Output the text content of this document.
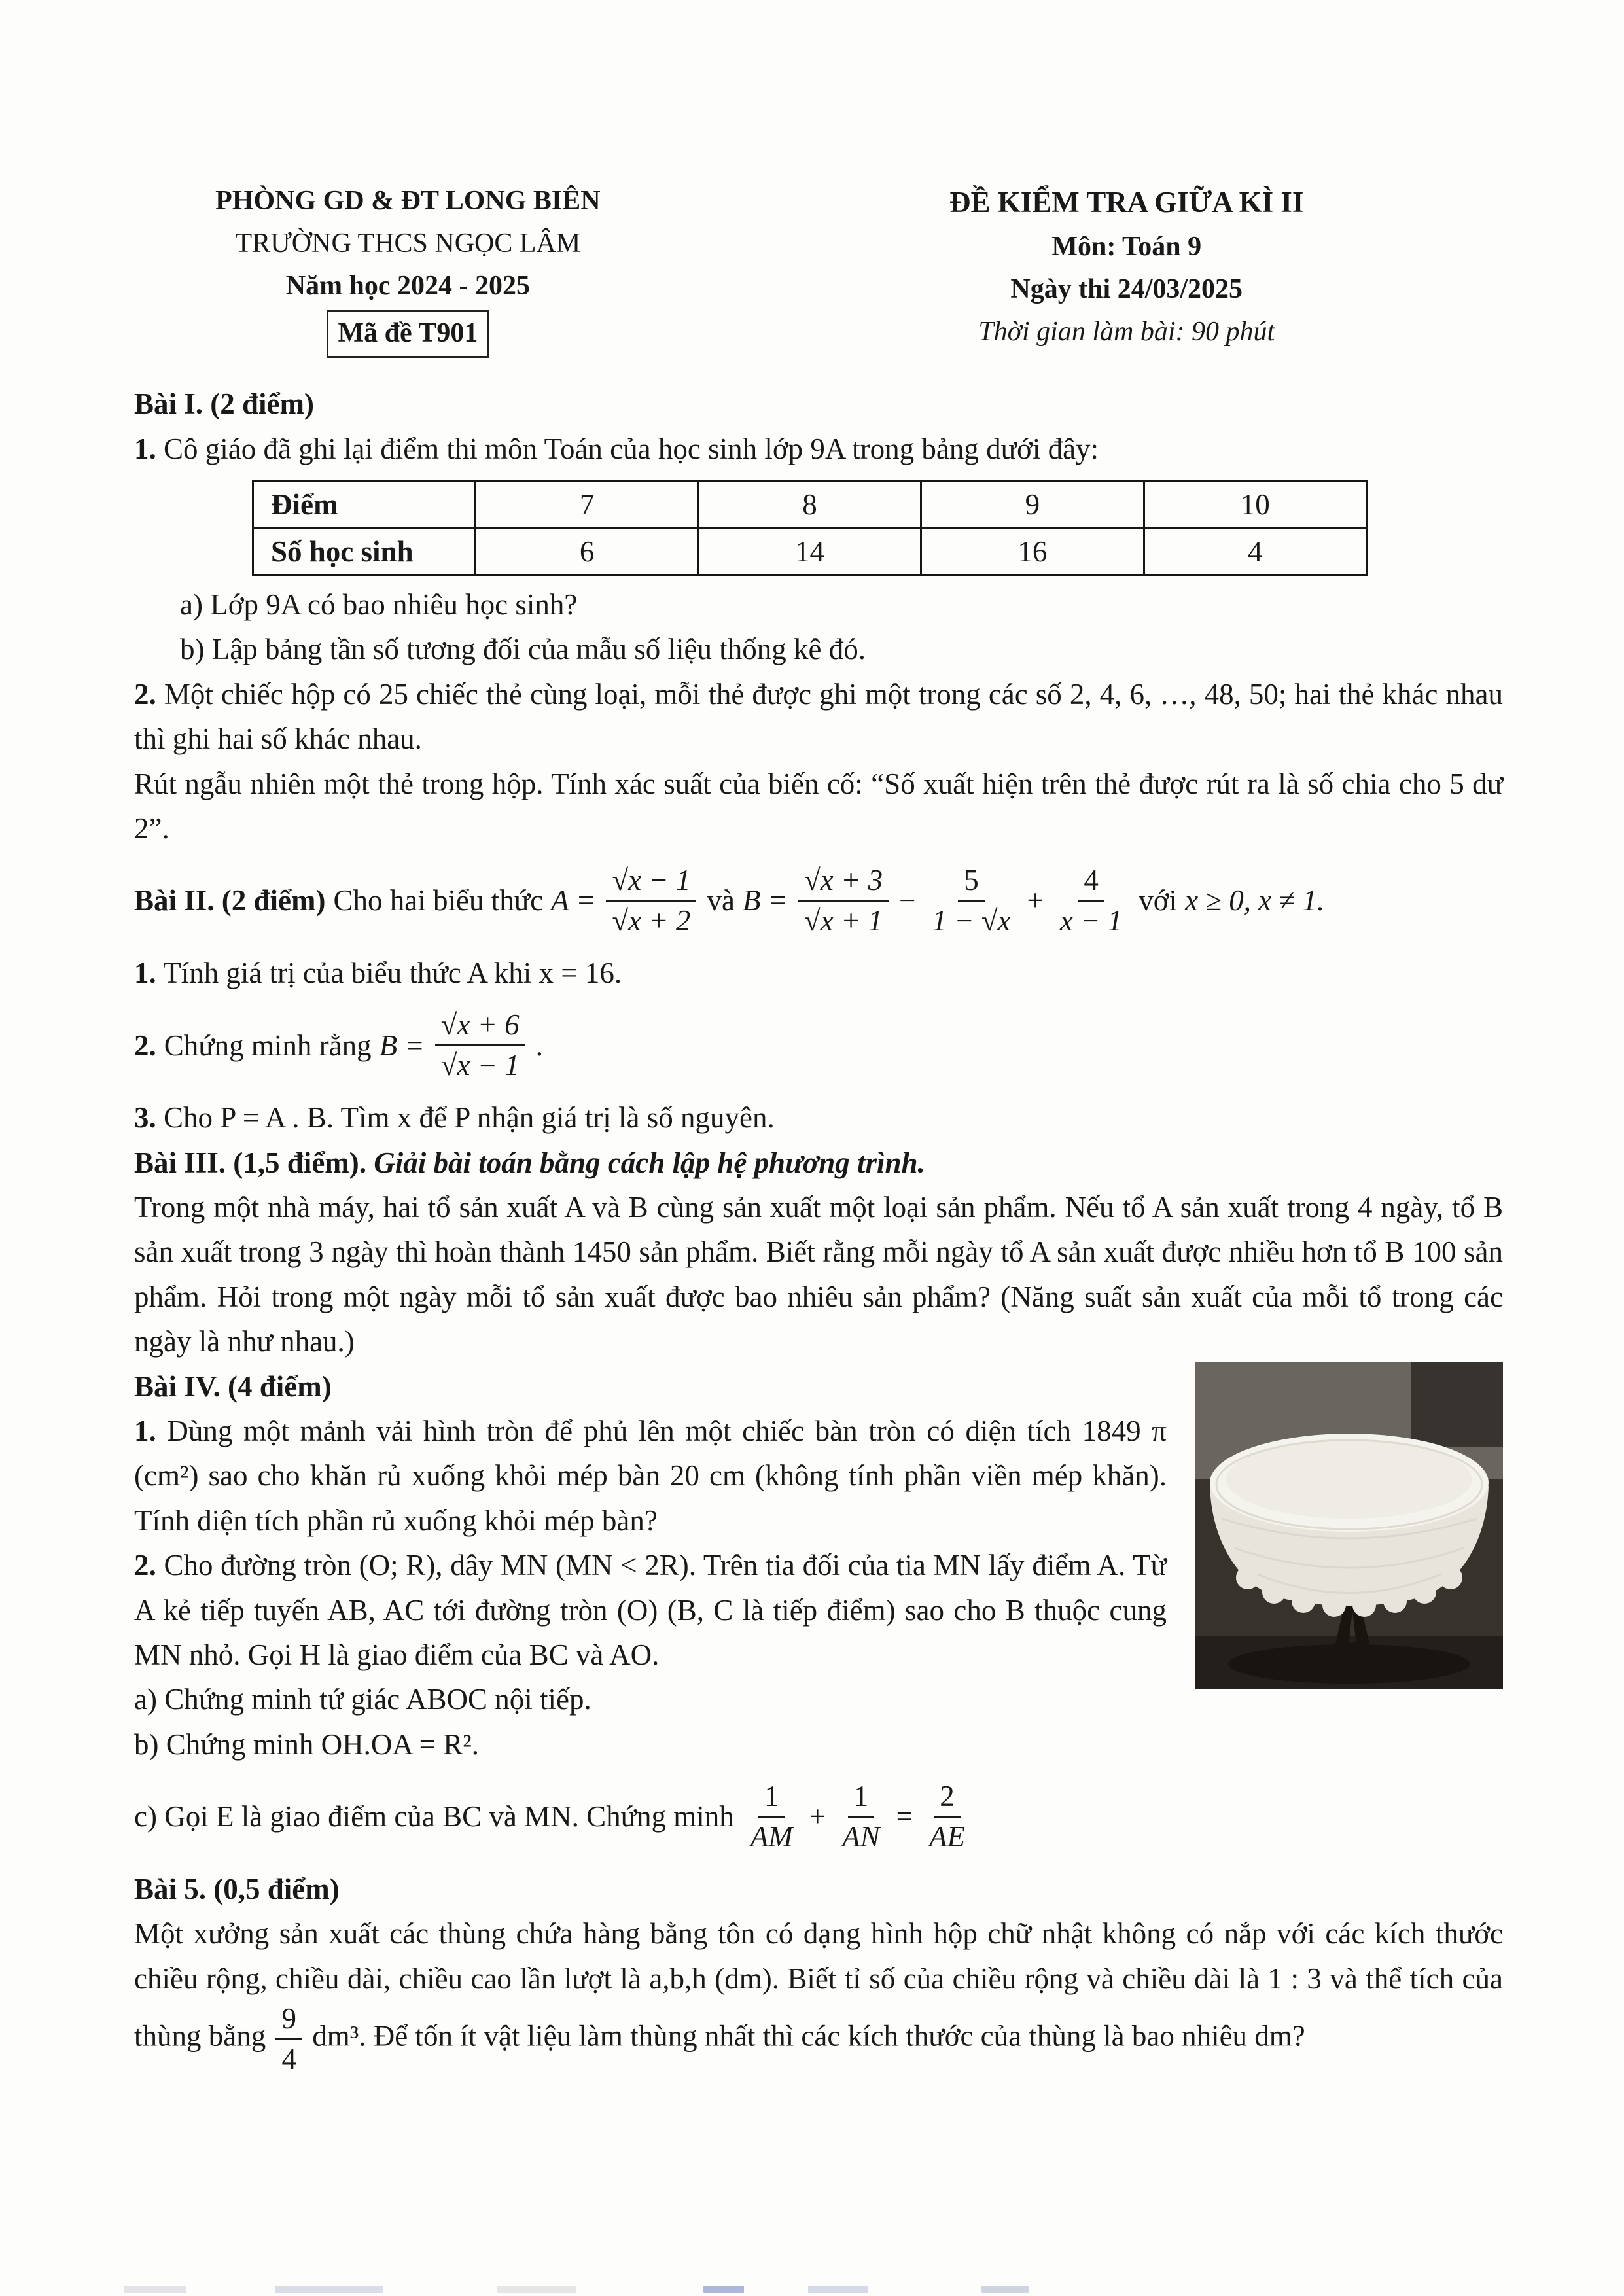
PHÒNG GD & ĐT LONG BIÊN
TRƯỜNG THCS NGỌC LÂM
Năm học 2024 - 2025
Mã đề T901
ĐỀ KIỂM TRA GIỮA KÌ II
Môn: Toán 9
Ngày thi 24/03/2025
Thời gian làm bài: 90 phút

Bài I. (2 điểm)

1. Cô giáo đã ghi lại điểm thi môn Toán của học sinh lớp 9A trong bảng dưới đây:

Điểm	7	8	9	10
Số học sinh	6	14	16	4

a) Lớp 9A có bao nhiêu học sinh?

b) Lập bảng tần số tương đối của mẫu số liệu thống kê đó.

2. Một chiếc hộp có 25 chiếc thẻ cùng loại, mỗi thẻ được ghi một trong các số 2, 4, 6, …, 48, 50; hai thẻ khác nhau thì ghi hai số khác nhau.

Rút ngẫu nhiên một thẻ trong hộp. Tính xác suất của biến cố: “Số xuất hiện trên thẻ được rút ra là số chia cho 5 dư 2”.

Bài II. (2 điểm) Cho hai biểu thức $A = \frac{√x - 1}{√x + 2}$ và $B = \frac{√x + 3}{√x + 1} - \frac{5}{1 - √x} + \frac{4}{x - 1}$ với x ≥ 0, x ≠ 1.

1. Tính giá trị của biểu thức A khi x = 16.

2. Chứng minh rằng $B = \frac{√x + 6}{√x - 1}$ .

3. Cho P = A . B. Tìm x để P nhận giá trị là số nguyên.

Bài III. (1,5 điểm). Giải bài toán bằng cách lập hệ phương trình.

Trong một nhà máy, hai tổ sản xuất A và B cùng sản xuất một loại sản phẩm. Nếu tổ A sản xuất trong 4 ngày, tổ B sản xuất trong 3 ngày thì hoàn thành 1450 sản phẩm. Biết rằng mỗi ngày tổ A sản xuất được nhiều hơn tổ B 100 sản phẩm. Hỏi trong một ngày mỗi tổ sản xuất được bao nhiêu sản phẩm? (Năng suất sản xuất của mỗi tổ trong các ngày là như nhau.)

Bài IV. (4 điểm)

1. Dùng một mảnh vải hình tròn để phủ lên một chiếc bàn tròn có diện tích 1849 π (cm²) sao cho khăn rủ xuống khỏi mép bàn 20 cm (không tính phần viền mép khăn). Tính diện tích phần rủ xuống khỏi mép bàn?

2. Cho đường tròn (O; R), dây MN (MN < 2R). Trên tia đối của tia MN lấy điểm A. Từ A kẻ tiếp tuyến AB, AC tới đường tròn (O) (B, C là tiếp điểm) sao cho B thuộc cung MN nhỏ. Gọi H là giao điểm của BC và AO.

a) Chứng minh tứ giác ABOC nội tiếp.

b) Chứng minh OH.OA = R².

c) Gọi E là giao điểm của BC và MN. Chứng minh $\frac{1}{AM} + \frac{1}{AN} = \frac{2}{AE}$

Bài 5. (0,5 điểm)

Một xưởng sản xuất các thùng chứa hàng bằng tôn có dạng hình hộp chữ nhật không có nắp với các kích thước chiều rộng, chiều dài, chiều cao lần lượt là a,b,h (dm). Biết tỉ số của chiều rộng và chiều dài là 1 : 3 và thể tích của thùng bằng $\frac{9}{4} dm^3$. Để tốn ít vật liệu làm thùng nhất thì các kích thước của thùng là bao nhiêu dm?
